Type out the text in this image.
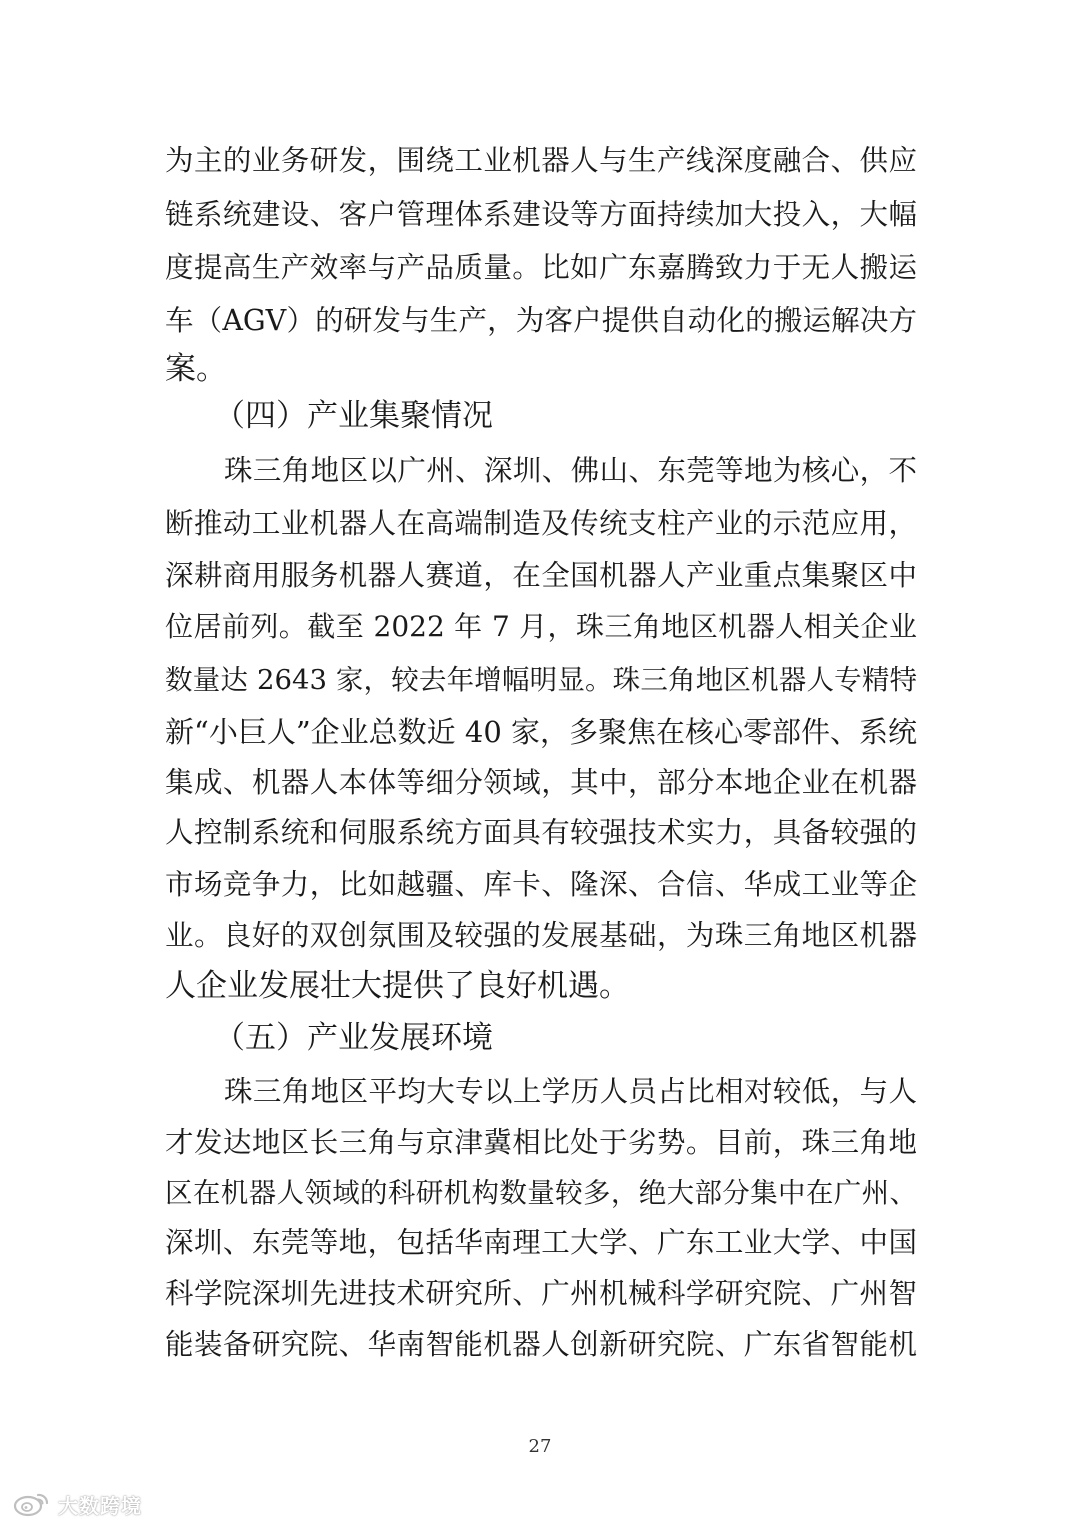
为主的业务研发，围绕工业机器人与生产线深度融合、供应
链系统建设、客户管理体系建设等方面持续加大投入，大幅
度提高生产效率与产品质量。比如广东嘉腾致力于无人搬运
车（AGV）的研发与生产，为客户提供自动化的搬运解决方
案。
（四）产业集聚情况
珠三角地区以广州、深圳、佛山、东莞等地为核心，不
断推动工业机器人在高端制造及传统支柱产业的示范应用，
深耕商用服务机器人赛道，在全国机器人产业重点集聚区中
位居前列。截至 2022 年 7 月，珠三角地区机器人相关企业
数量达 2643 家，较去年增幅明显。珠三角地区机器人专精特
新“小巨人”企业总数近 40 家，多聚焦在核心零部件、系统
集成、机器人本体等细分领域，其中，部分本地企业在机器
人控制系统和伺服系统方面具有较强技术实力，具备较强的
市场竞争力，比如越疆、库卡、隆深、合信、华成工业等企
业。良好的双创氛围及较强的发展基础，为珠三角地区机器
人企业发展壮大提供了良好机遇。
（五）产业发展环境
珠三角地区平均大专以上学历人员占比相对较低，与人
才发达地区长三角与京津冀相比处于劣势。目前，珠三角地
区在机器人领域的科研机构数量较多，绝大部分集中在广州、
深圳、东莞等地，包括华南理工大学、广东工业大学、中国
科学院深圳先进技术研究所、广州机械科学研究院、广州智
能装备研究院、华南智能机器人创新研究院、广东省智能机
27
大数跨境
